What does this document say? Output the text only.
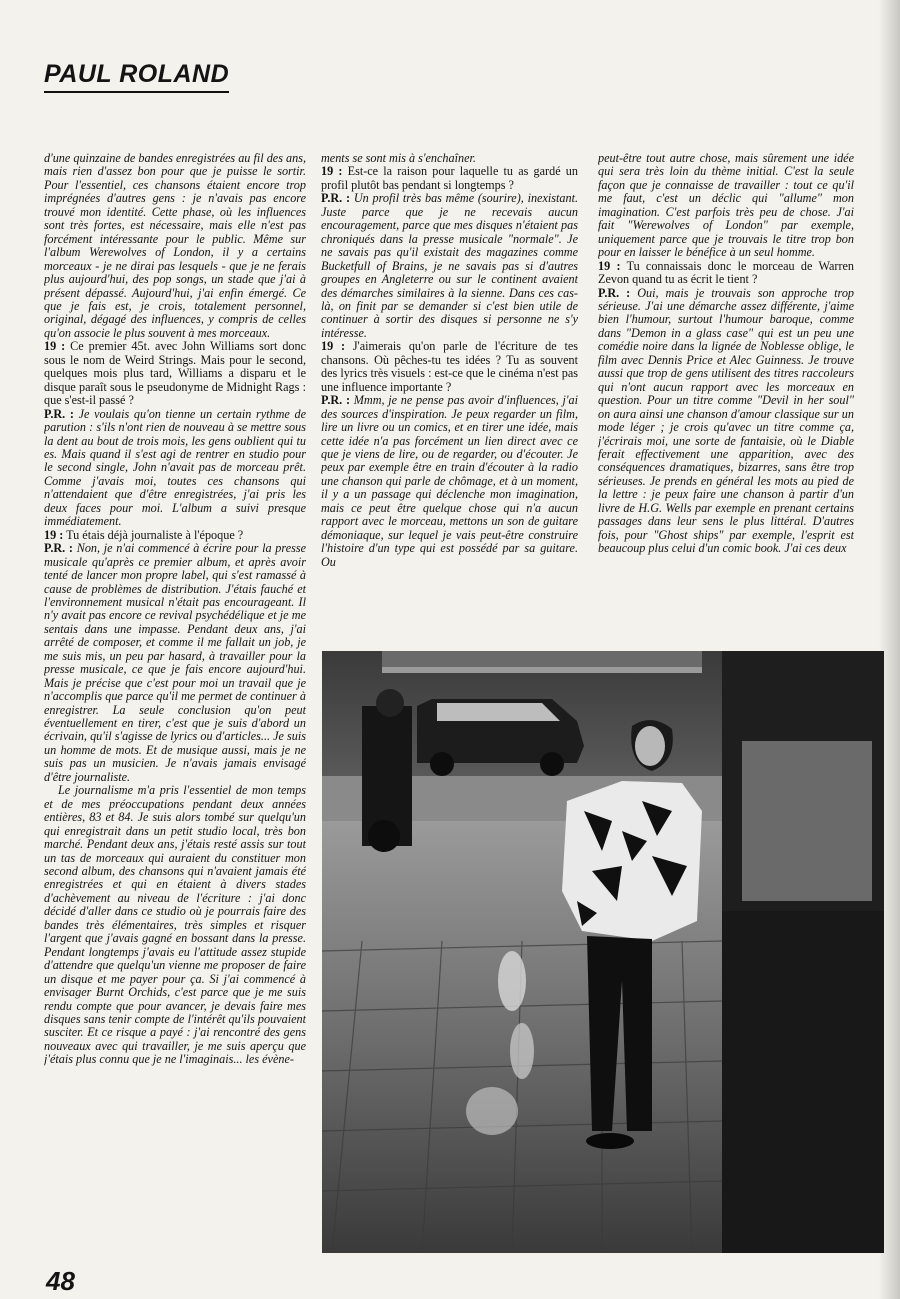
PAUL ROLAND

d'une quinzaine de bandes enregistrées au fil des ans, mais rien d'assez bon pour que je puisse le sortir. Pour l'essentiel, ces chansons étaient encore trop imprégnées d'autres gens : je n'avais pas encore trouvé mon identité. Cette phase, où les influences sont très fortes, est nécessaire, mais elle n'est pas forcément intéressante pour le public. Même sur l'album Werewolves of London, il y a certains morceaux - je ne dirai pas lesquels - que je ne ferais plus aujourd'hui, des pop songs, un stade que j'ai à présent dépassé. Aujourd'hui, j'ai enfin émergé. Ce que je fais est, je crois, totalement personnel, original, dégagé des influences, y compris de celles qu'on associe le plus souvent à mes morceaux.

19 : Ce premier 45t. avec John Williams sort donc sous le nom de Weird Strings. Mais pour le second, quelques mois plus tard, Williams a disparu et le disque paraît sous le pseudonyme de Midnight Rags : que s'est-il passé ?

P.R. : Je voulais qu'on tienne un certain rythme de parution : s'ils n'ont rien de nouveau à se mettre sous la dent au bout de trois mois, les gens oublient qui tu es. Mais quand il s'est agi de rentrer en studio pour le second single, John n'avait pas de morceau prêt. Comme j'avais moi, toutes ces chansons qui n'attendaient que d'être enregistrées, j'ai pris les deux faces pour moi. L'album a suivi presque immédiatement.

19 : Tu étais déjà journaliste à l'époque ?

P.R. : Non, je n'ai commencé à écrire pour la presse musicale qu'après ce premier album, et après avoir tenté de lancer mon propre label, qui s'est ramassé à cause de problèmes de distribution. J'étais fauché et l'environnement musical n'était pas encourageant. Il n'y avait pas encore ce revival psychédélique et je me sentais dans une impasse. Pendant deux ans, j'ai arrêté de composer, et comme il me fallait un job, je me suis mis, un peu par hasard, à travailler pour la presse musicale, ce que je fais encore aujourd'hui. Mais je précise que c'est pour moi un travail que je n'accomplis que parce qu'il me permet de continuer à enregistrer. La seule conclusion qu'on peut éventuellement en tirer, c'est que je suis d'abord un écrivain, qu'il s'agisse de lyrics ou d'articles... Je suis un homme de mots. Et de musique aussi, mais je ne suis pas un musicien. Je n'avais jamais envisagé d'être journaliste.

Le journalisme m'a pris l'essentiel de mon temps et de mes préoccupations pendant deux années entières, 83 et 84. Je suis alors tombé sur quelqu'un qui enregistrait dans un petit studio local, très bon marché. Pendant deux ans, j'étais resté assis sur tout un tas de morceaux qui auraient du constituer mon second album, des chansons qui n'avaient jamais été enregistrées et qui en étaient à divers stades d'achèvement au niveau de l'écriture : j'ai donc décidé d'aller dans ce studio où je pourrais faire des bandes très élémentaires, très simples et risquer l'argent que j'avais gagné en bossant dans la presse. Pendant longtemps j'avais eu l'attitude assez stupide d'attendre que quelqu'un vienne me proposer de faire un disque et me payer pour ça. Si j'ai commencé à envisager Burnt Orchids, c'est parce que je me suis rendu compte que pour avancer, je devais faire mes disques sans tenir compte de l'intérêt qu'ils pouvaient susciter. Et ce risque a payé : j'ai rencontré des gens nouveaux avec qui travailler, je me suis aperçu que j'étais plus connu que je ne l'imaginais... les évène-

ments se sont mis à s'enchaîner.

19 : Est-ce la raison pour laquelle tu as gardé un profil plutôt bas pendant si longtemps ?

P.R. : Un profil très bas même (sourire), inexistant. Juste parce que je ne recevais aucun encouragement, parce que mes disques n'étaient pas chroniqués dans la presse musicale "normale". Je ne savais pas qu'il existait des magazines comme Bucketfull of Brains, je ne savais pas si d'autres groupes en Angleterre ou sur le continent avaient des démarches similaires à la sienne. Dans ces cas-là, on finit par se demander si c'est bien utile de continuer à sortir des disques si personne ne s'y intéresse.

19 : J'aimerais qu'on parle de l'écriture de tes chansons. Où pêches-tu tes idées ? Tu as souvent des lyrics très visuels : est-ce que le cinéma n'est pas une influence importante ?

P.R. : Mmm, je ne pense pas avoir d'influences, j'ai des sources d'inspiration. Je peux regarder un film, lire un livre ou un comics, et en tirer une idée, mais cette idée n'a pas forcément un lien direct avec ce que je viens de lire, ou de regarder, ou d'écouter. Je peux par exemple être en train d'écouter à la radio une chanson qui parle de chômage, et à un moment, il y a un passage qui déclenche mon imagination, mais ce peut être quelque chose qui n'a aucun rapport avec le morceau, mettons un son de guitare démoniaque, sur lequel je vais peut-être construire l'histoire d'un type qui est possédé par sa guitare. Ou

peut-être tout autre chose, mais sûrement une idée qui sera très loin du thème initial. C'est la seule façon que je connaisse de travailler : tout ce qu'il me faut, c'est un déclic qui "allume" mon imagination. C'est parfois très peu de chose. J'ai fait "Werewolves of London" par exemple, uniquement parce que je trouvais le titre trop bon pour en laisser le bénéfice à un seul homme.

19 : Tu connaissais donc le morceau de Warren Zevon quand tu as écrit le tient ?

P.R. : Oui, mais je trouvais son approche trop sérieuse. J'ai une démarche assez différente, j'aime bien l'humour, surtout l'humour baroque, comme dans "Demon in a glass case" qui est un peu une comédie noire dans la lignée de Noblesse oblige, le film avec Dennis Price et Alec Guinness. Je trouve aussi que trop de gens utilisent des titres raccoleurs qui n'ont aucun rapport avec les morceaux en question. Pour un titre comme "Devil in her soul" on aura ainsi une chanson d'amour classique sur un mode léger ; je crois qu'avec un titre comme ça, j'écrirais moi, une sorte de fantaisie, où le Diable ferait effectivement une apparition, avec des conséquences dramatiques, bizarres, sans être trop sérieuses. Je prends en général les mots au pied de la lettre : je peux faire une chanson à partir d'un livre de H.G. Wells par exemple en prenant certains passages dans leur sens le plus littéral. D'autres fois, pour "Ghost ships" par exemple, l'esprit est beaucoup plus celui d'un comic book. J'ai ces deux

48
